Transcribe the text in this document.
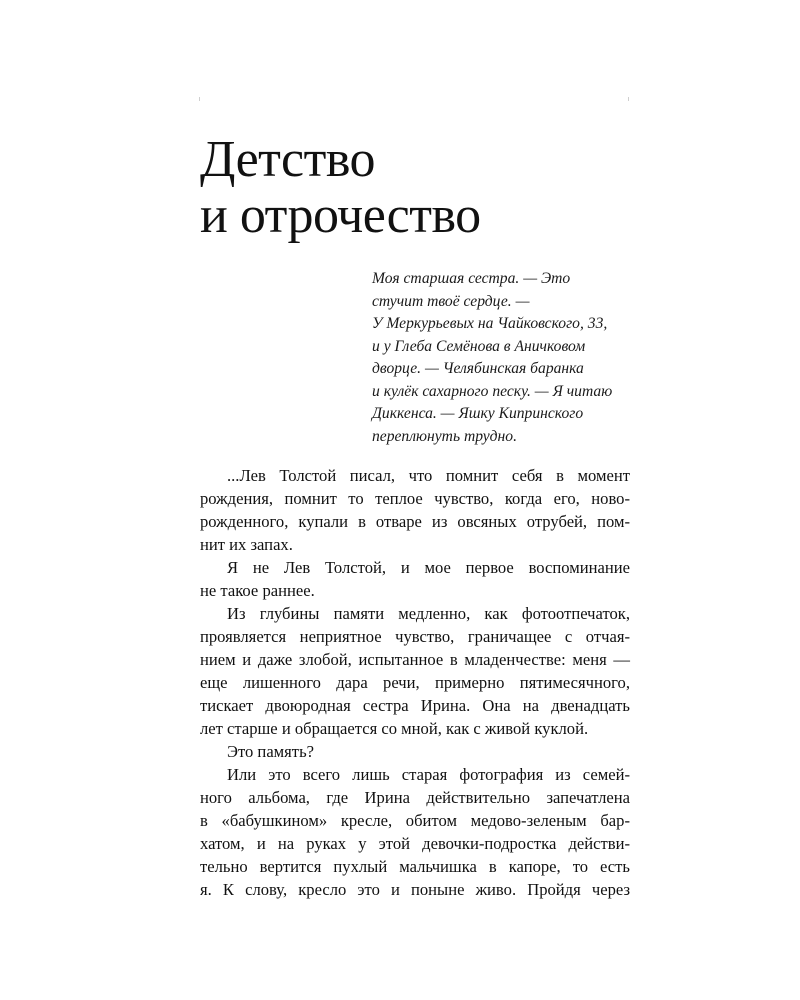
Детство
и отрочество
Моя старшая сестра. — Это
стучит твоё сердце. —
У Меркурьевых на Чайковского, 33,
и у Глеба Семёнова в Аничковом
дворце. — Челябинская баранка
и кулёк сахарного песку. — Я читаю
Диккенса. — Яшку Кипринского
переплюнуть трудно.
...Лев Толстой писал, что помнит себя в момент
рождения, помнит то теплое чувство, когда его, ново-
рожденного, купали в отваре из овсяных отрубей, пом-
нит их запах.
Я не Лев Толстой, и мое первое воспоминание
не такое раннее.
Из глубины памяти медленно, как фотоотпечаток,
проявляется неприятное чувство, граничащее с отчая-
нием и даже злобой, испытанное в младенчестве: меня —
еще лишенного дара речи, примерно пятимесячного,
тискает двоюродная сестра Ирина. Она на двенадцать
лет старше и обращается со мной, как с живой куклой.
Это память?
Или это всего лишь старая фотография из семей-
ного альбома, где Ирина действительно запечатлена
в «бабушкином» кресле, обитом медово-зеленым бар-
хатом, и на руках у этой девочки-подростка действи-
тельно вертится пухлый мальчишка в капоре, то есть
я. К слову, кресло это и поныне живо. Пройдя через
